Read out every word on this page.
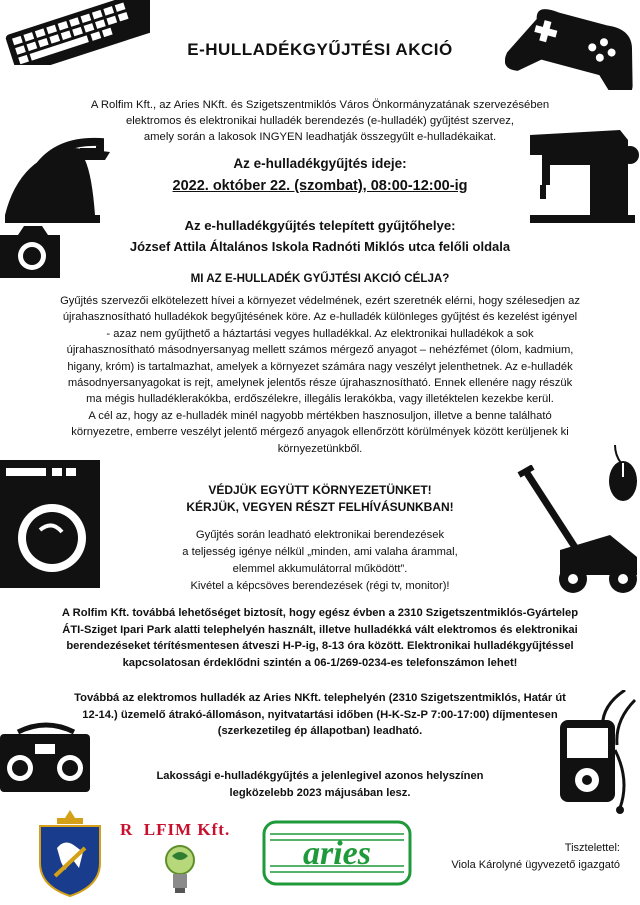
E-HULLADÉKGYŰJTÉSI AKCIÓ
A Rolfim Kft., az Aries NKft. és Szigetszentmiklós Város Önkormányzatának szervezésében
elektromos és elektronikai hulladék berendezés (e-hulladék) gyűjtést szervez,
amely során a lakosok INGYEN leadhatják összegyűlt e-hulladékaikat.
Az e-hulladékgyűjtés ideje:
2022. október 22. (szombat), 08:00-12:00-ig
Az e-hulladékgyűjtés telepített gyűjtőhelye:
József Attila Általános Iskola Radnóti Miklós utca felőli oldala
MI AZ E-HULLADÉK GYŰJTÉSI AKCIÓ CÉLJA?
Gyűjtés szervezői elkötelezett hívei a környezet védelmének, ezért szeretnék elérni, hogy szélesedjen az
újrahasznosítható hulladékok begyűjtésének köre. Az e-hulladék különleges gyűjtést és kezelést igényel
- azaz nem gyűjthető a háztartási vegyes hulladékkal. Az elektronikai hulladékok a sok
újrahasznosítható másodnyersanyag mellett számos mérgező anyagot – nehézfémet (ólom, kadmium,
higany, króm) is tartalmazhat, amelyek a környezet számára nagy veszélyt jelenthetnek. Az e-hulladék
másodnyersanyagokat is rejt, amelynek jelentős része újrahasznosítható. Ennek ellenére nagy részük
ma mégis hulladéklerakókba, erdőszélekre, illegális lerakókba, vagy illetéktelen kezekbe kerül.
A cél az, hogy az e-hulladék minél nagyobb mértékben hasznosuljon, illetve a benne található
környezetre, emberre veszélyt jelentő mérgező anyagok ellenőrzött körülmények között kerüljenek ki
környezetünkből.
VÉDJÜK EGYÜTT KÖRNYEZETÜNKET!
KÉRJÜK, VEGYEN RÉSZT FELHÍVÁSUNKBAN!
Gyűjtés során leadható elektronikai berendezések
a teljesség igénye nélkül „minden, ami valaha árammal,
elemmel akkumulátorral működött”.
Kivétel a képcsöves berendezések (régi tv, monitor)!
A Rolfim Kft. továbbá lehetőséget biztosít, hogy egész évben a 2310 Szigetszentmiklós-Gyártelep
ÁTI-Sziget Ipari Park alatti telephelyén használt, illetve hulladékká vált elektromos és elektronikai
berendezéseket térítésmentesen átveszi H-P-ig, 8-13 óra között. Elektronikai hulladékgyűjtéssel
kapcsolatosan érdeklődni szintén a 06-1/269-0234-es telefonszámon lehet!
Továbbá az elektromos hulladék az Aries NKft. telephelyén (2310 Szigetszentmiklós, Határ út
12-14.) üzemelő átrakó-állomáson, nyitvatartási időben (H-K-Sz-P 7:00-17:00) díjmentesen
(szerkezetileg ép állapotban) leadható.
Lakossági e-hulladékgyűjtés a jelenlegivel azonos helyszínen
legközelebb 2023 májusában lesz.
R  LFIM Kft.
aries	Tisztelettel:
Viola Károlyné ügyvezető igazgató
